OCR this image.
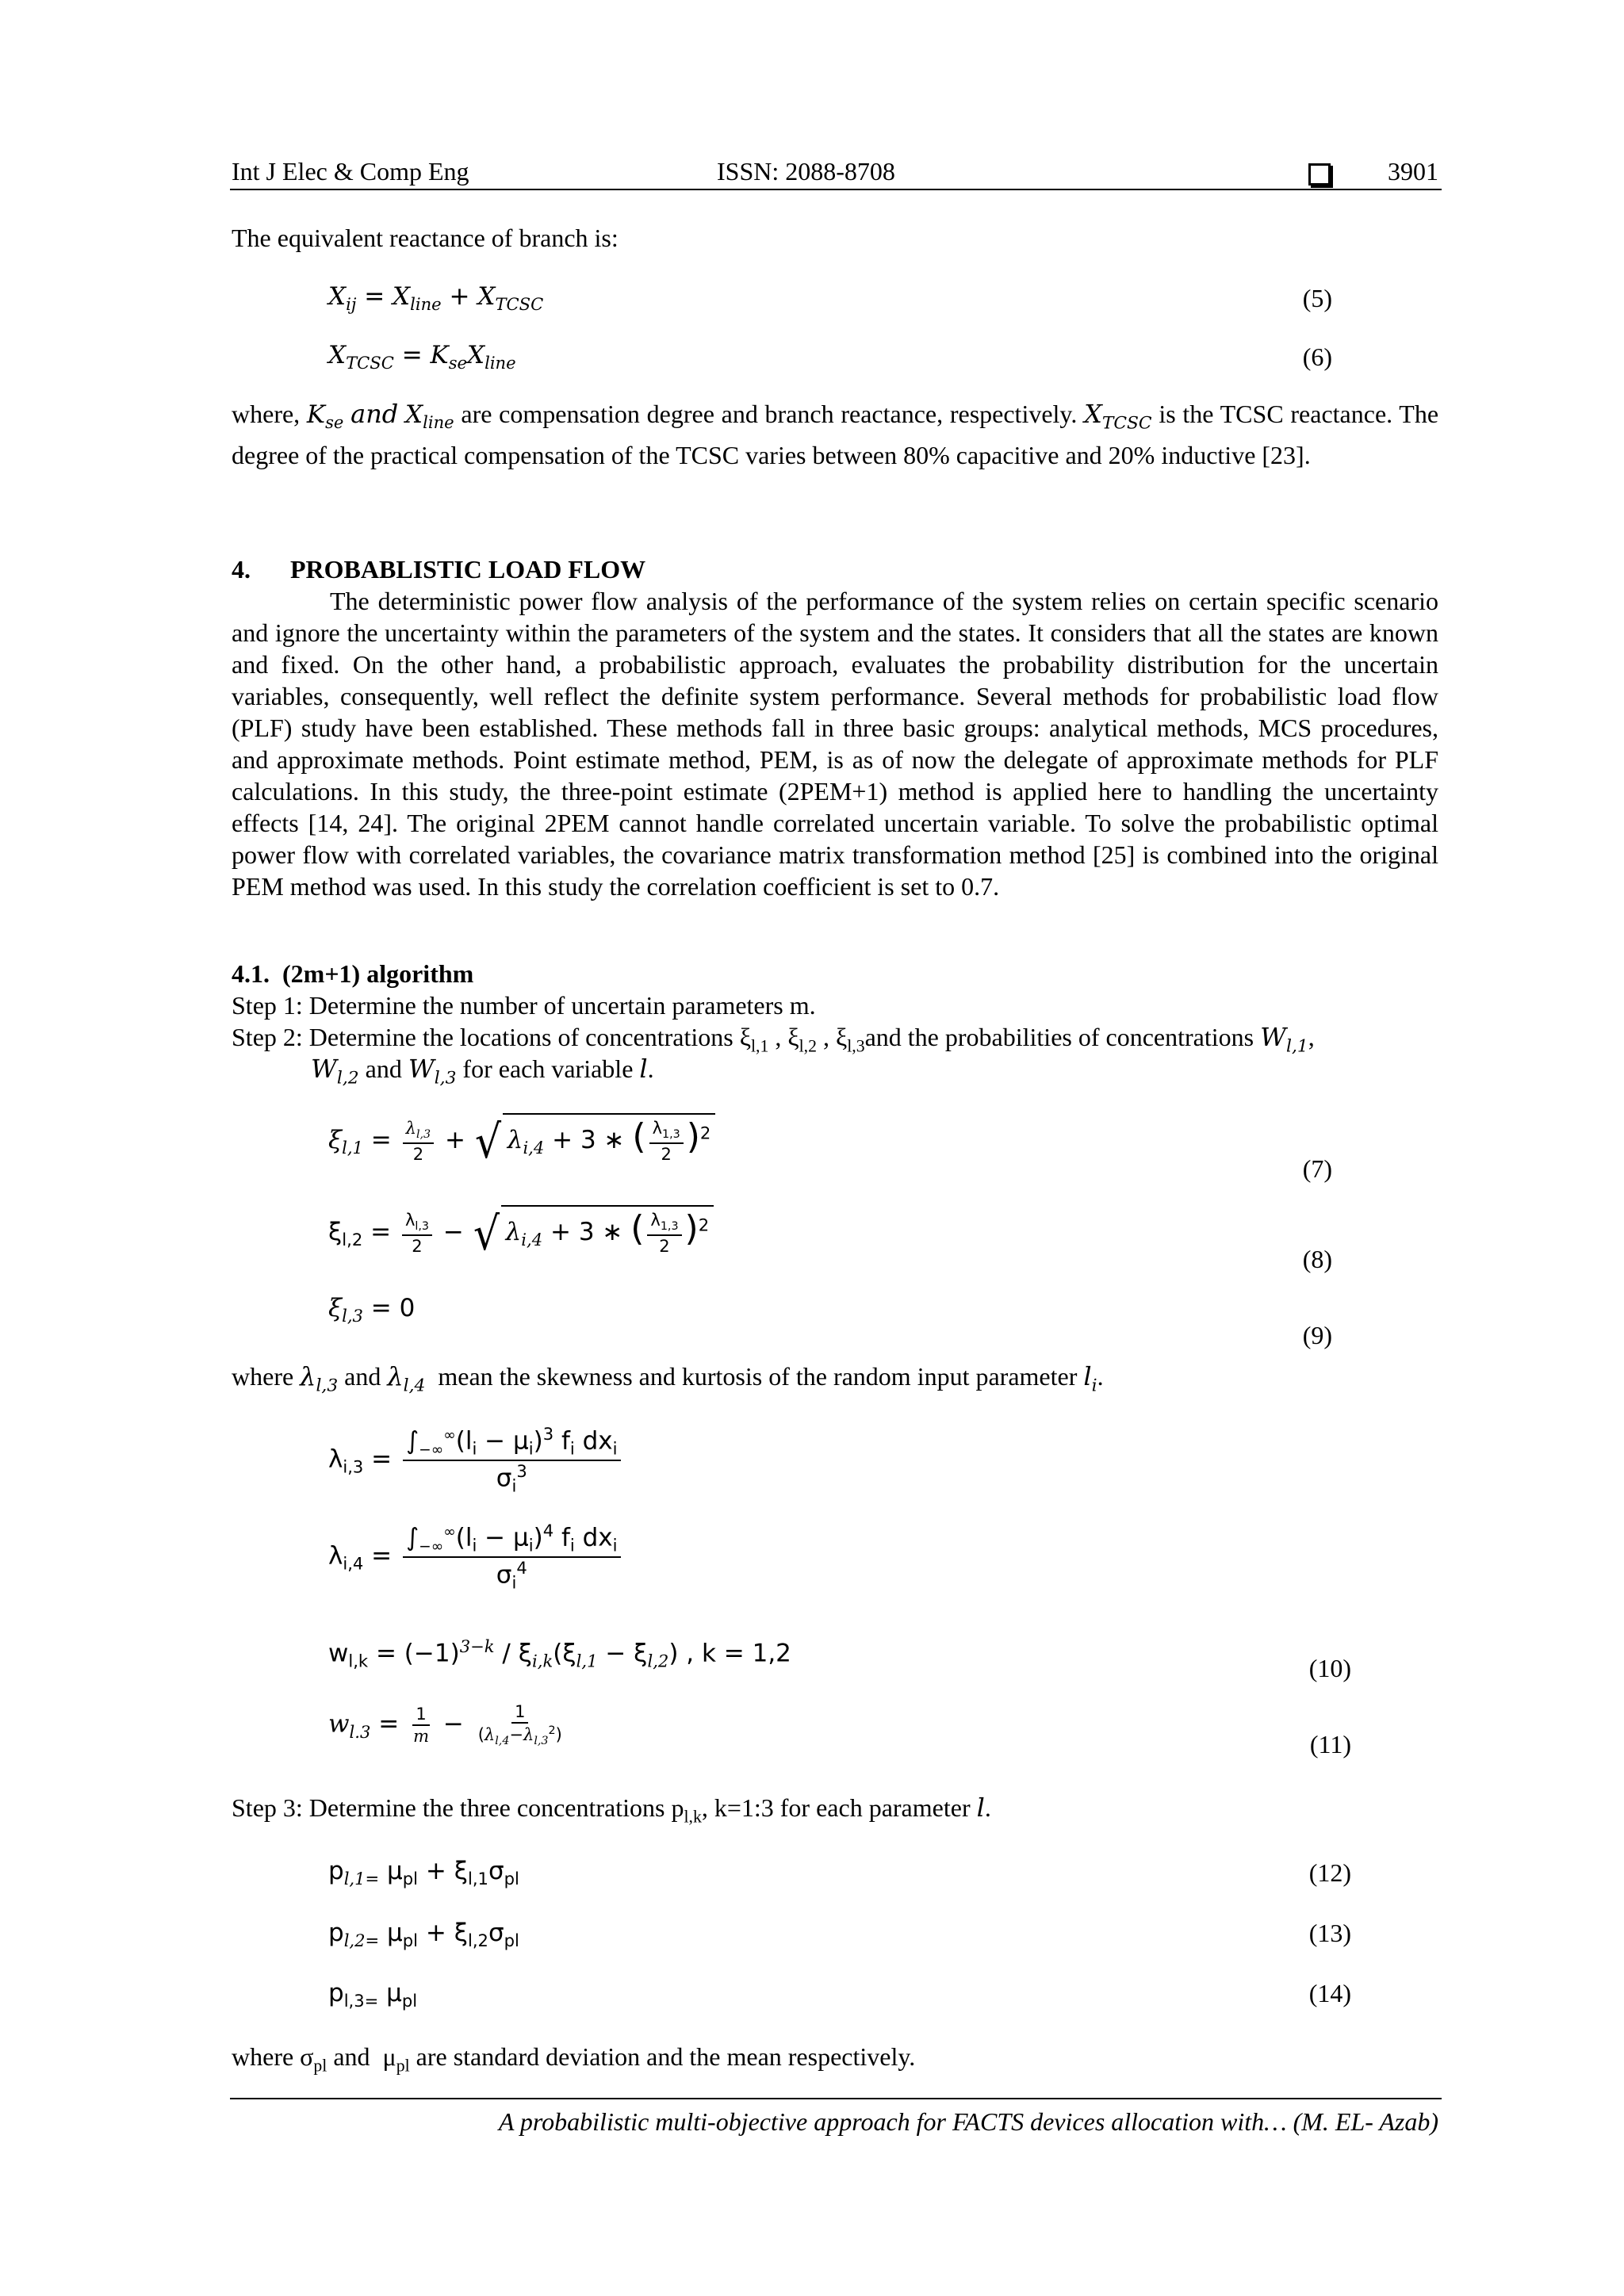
Int J Elec & Comp Eng	ISSN: 2088-8708	3901
The equivalent reactance of branch is:
$X_{ij} = X_{line} + X_{TCSC}$	(5)
$X_{TCSC} = K_{se}X_{line}$	(6)
where, $K_{se}$ and $X_{line}$ are compensation degree and branch reactance, respectively. $X_{TCSC}$ is the TCSC reactance. The degree of the practical compensation of the TCSC varies between 80% capacitive and 20% inductive [23].
4. PROBABLISTIC LOAD FLOW
The deterministic power flow analysis of the performance of the system relies on certain specific scenario and ignore the uncertainty within the parameters of the system and the states. It considers that all the states are known and fixed. On the other hand, a probabilistic approach, evaluates the probability distribution for the uncertain variables, consequently, well reflect the definite system performance. Several methods for probabilistic load flow (PLF) study have been established. These methods fall in three basic groups: analytical methods, MCS procedures, and approximate methods. Point estimate method, PEM, is as of now the delegate of approximate methods for PLF calculations. In this study, the three-point estimate (2PEM+1) method is applied here to handling the uncertainty effects [14, 24]. The original 2PEM cannot handle correlated uncertain variable. To solve the probabilistic optimal power flow with correlated variables, the covariance matrix transformation method [25] is combined into the original PEM method was used. In this study the correlation coefficient is set to 0.7.
4.1.  (2m+1) algorithm
Step 1: Determine the number of uncertain parameters m.
Step 2: Determine the locations of concentrations $\xi_{l,1}$ , $\xi_{l,2}$ , $\xi_{l,3}and$ the probabilities of concentrations $W_{l,1}$,
$W_{l,2}$ and $W_{l,3}$ for each variable l.
$\xi_{l,1} = \frac{\lambda_{l,3}}{2}$ + √ $\lambda_{i,4} + 3$ ∗ ( $\frac{\lambda_{1,3}}{2} )^2$
(7)
$\xi_{l,2} = \frac{\lambda_{l,3}}{2}$ − √ $\lambda_{i,4} + 3$ ∗ ( $\frac{\lambda_{1,3}}{2} )^2$
(8)
$\xi_{l,3} = 0$
(9)
where $\lambda_{l,3}$ and $\lambda_{l,4}$ mean the skewness and kurtosis of the random input parameter $l_i$.
$\lambda_{i,3} = \frac{\int_{-\infty}^\infty(l_i - \mu_i)^3 f_i dx_i}{\sigma_i^3}$
$\lambda_{i,4} = \frac{\int_{-\infty}^\infty(l_i - \mu_i)^4 f_i dx_i}{\sigma_i^4}$
$w_{l,k} = (-1)^{3-k} / \xi_{i,k}(\xi_{l,1} - \xi_{l,2})$ , k = 1,2
(10)
$w_{l.3} = \frac{1}{m} - \frac{1}{(\lambda_{l,4}-\lambda_{l,3}^2)}$	(11)
Step 3: Determine the three concentrations $p_{l,k}$, k=1:3 for each parameter l.
$p_{l,1=}$ $\mu_{pl} + \xi_{l,1}\sigma_{pl}$	(12)
$p_{l,2=}$ $\mu_{pl} + \xi_{l,2}\sigma_{pl}$	(13)
$p_{l,3=}$ $\mu_{pl}$	(14)
where $\sigma_{pl}$ and  $\mu_{pl}$ are standard deviation and the mean respectively.
A probabilistic multi-objective approach for FACTS devices allocation with… (M. EL- Azab)
